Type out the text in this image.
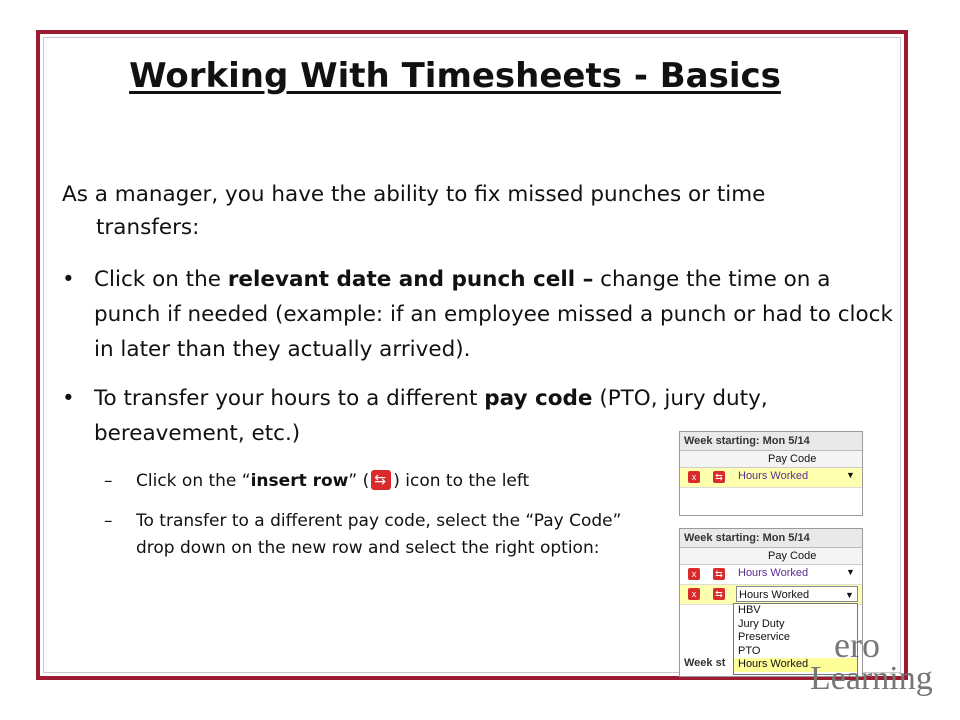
Working With Timesheets - Basics
As a manager, you have the ability to fix missed punches or time
transfers:
• Click on the relevant date and punch cell – change the time on a punch if needed (example: if an employee missed a punch or had to clock in later than they actually arrived).
• To transfer your hours to a different pay code (PTO, jury duty, bereavement, etc.)
–	Click on the “insert row” (⇆ ) icon to the left
–	To transfer to a different pay code, select the “Pay Code” drop down on the new row and select the right option:
Week starting: Mon 5/14
Pay Code
x	⇆ Hours Worked	▼
Week starting: Mon 5/14
Pay Code
x	⇆ Hours Worked	▼
x	⇆ Hours Worked	▼
Week st
HBV
Jury Duty
Preservice
PTO
Hours Worked ero
Learning
